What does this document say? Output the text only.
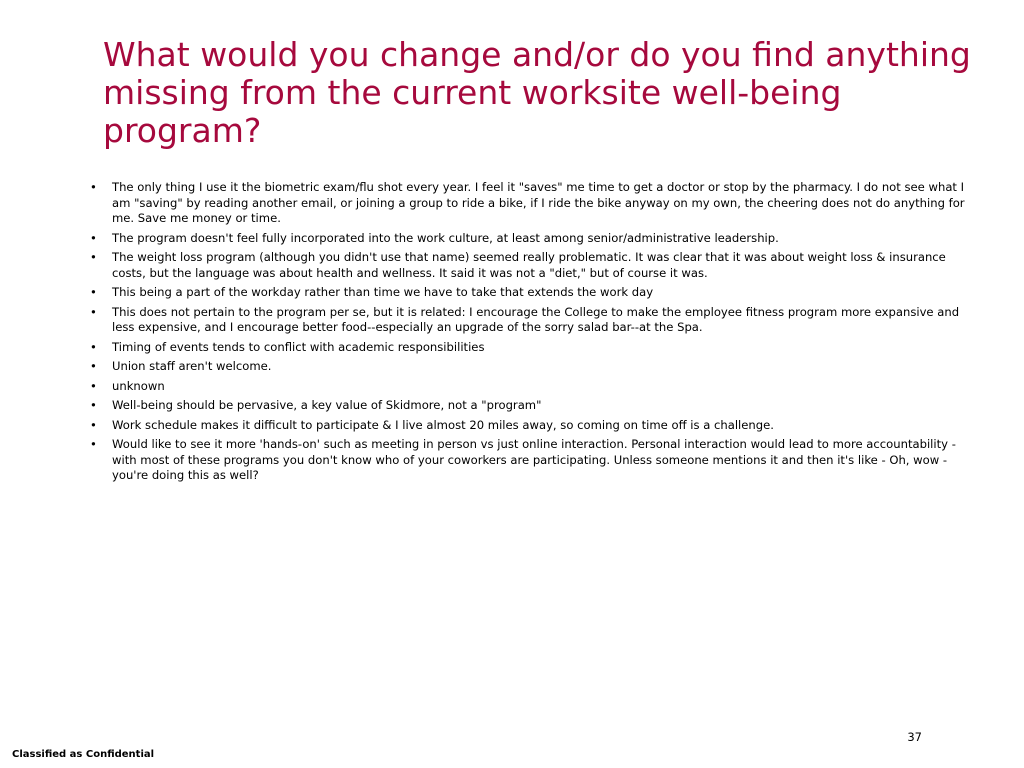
What would you change and/or do you find anything missing from the current worksite well-being program?
• The only thing I use it the biometric exam/flu shot every year. I feel it "saves" me time to get a doctor or stop by the pharmacy. I do not see what I am "saving" by reading another email, or joining a group to ride a bike, if I ride the bike anyway on my own, the cheering does not do anything for me. Save me money or time.
• The program doesn't feel fully incorporated into the work culture, at least among senior/administrative leadership.
• The weight loss program (although you didn't use that name) seemed really problematic. It was clear that it was about weight loss & insurance costs, but the language was about health and wellness. It said it was not a "diet," but of course it was.
• This being a part of the workday rather than time we have to take that extends the work day
• This does not pertain to the program per se, but it is related: I encourage the College to make the employee fitness program more expansive and less expensive, and I encourage better food--especially an upgrade of the sorry salad bar--at the Spa.
• Timing of events tends to conflict with academic responsibilities
• Union staff aren't welcome.
• unknown
• Well-being should be pervasive, a key value of Skidmore, not a "program"
• Work schedule makes it difficult to participate & I live almost 20 miles away, so coming on time off is a challenge.
• Would like to see it more 'hands-on' such as meeting in person vs just online interaction. Personal interaction would lead to more accountability - with most of these programs you don't know who of your coworkers are participating. Unless someone mentions it and then it's like - Oh, wow - you're doing this as well?
37
Classified as Confidential
